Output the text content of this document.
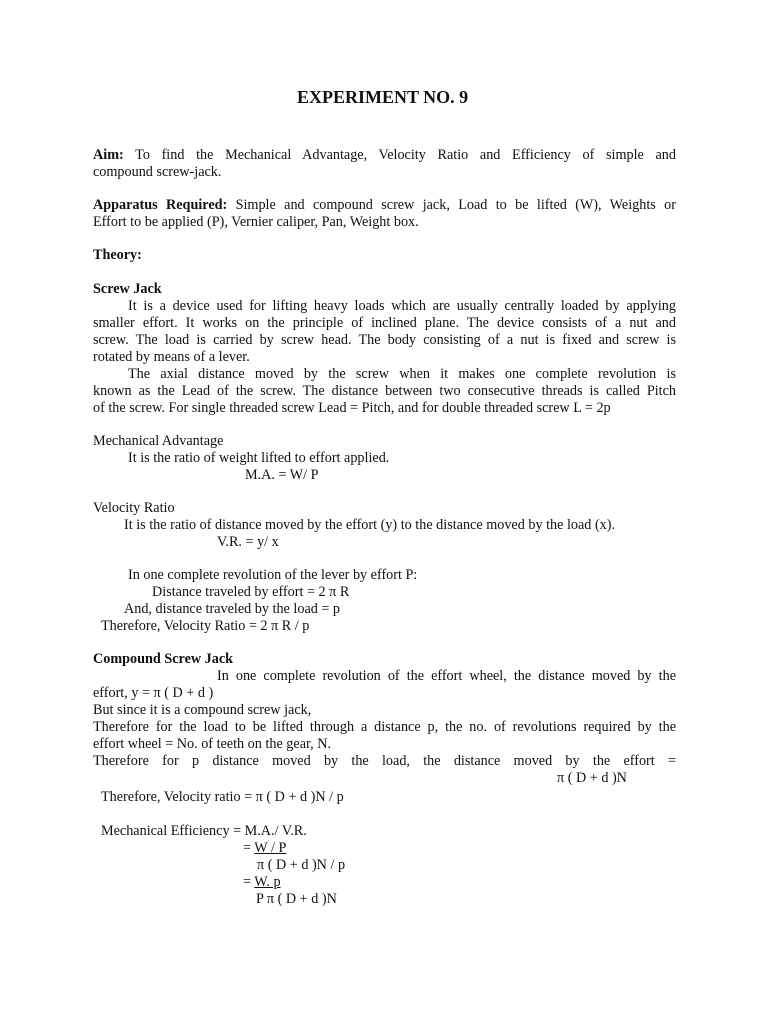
EXPERIMENT NO. 9
Aim: To find the Mechanical Advantage, Velocity Ratio and Efficiency of simple and
compound screw-jack.
Apparatus Required: Simple and compound screw jack, Load to be lifted (W), Weights or
Effort to be applied (P), Vernier caliper, Pan, Weight box.
Theory:
Screw Jack
It is a device used for lifting heavy loads which are usually centrally loaded by applying
smaller effort. It works on the principle of inclined plane. The device consists of a nut and
screw. The load is carried by screw head. The body consisting of a nut is fixed and screw is
rotated by means of a lever.
The axial distance moved by the screw when it makes one complete revolution is
known as the Lead of the screw. The distance between two consecutive threads is called Pitch
of the screw. For single threaded screw Lead = Pitch, and for double threaded screw L = 2p
Mechanical Advantage
It is the ratio of weight lifted to effort applied.
M.A. = W/ P
Velocity Ratio
It is the ratio of distance moved by the effort (y) to the distance moved by the load (x).
V.R. = y/ x
In one complete revolution of the lever by effort P:
Distance traveled by effort = 2 π R
And, distance traveled by the load = p
Therefore, Velocity Ratio = 2 π R / p
Compound Screw Jack
In one complete revolution of the effort wheel, the distance moved by the
effort, y = π ( D + d )
But since it is a compound screw jack,
Therefore for the load to be lifted through a distance p, the no. of revolutions required by the
effort wheel = No. of teeth on the gear, N.
Therefore for p distance moved by the load, the distance moved by the effort =
π ( D + d )N
Therefore, Velocity ratio = π ( D + d )N / p
Mechanical Efficiency = M.A./ V.R.
= W / P
π ( D + d )N / p
= W. p
P π ( D + d )N
